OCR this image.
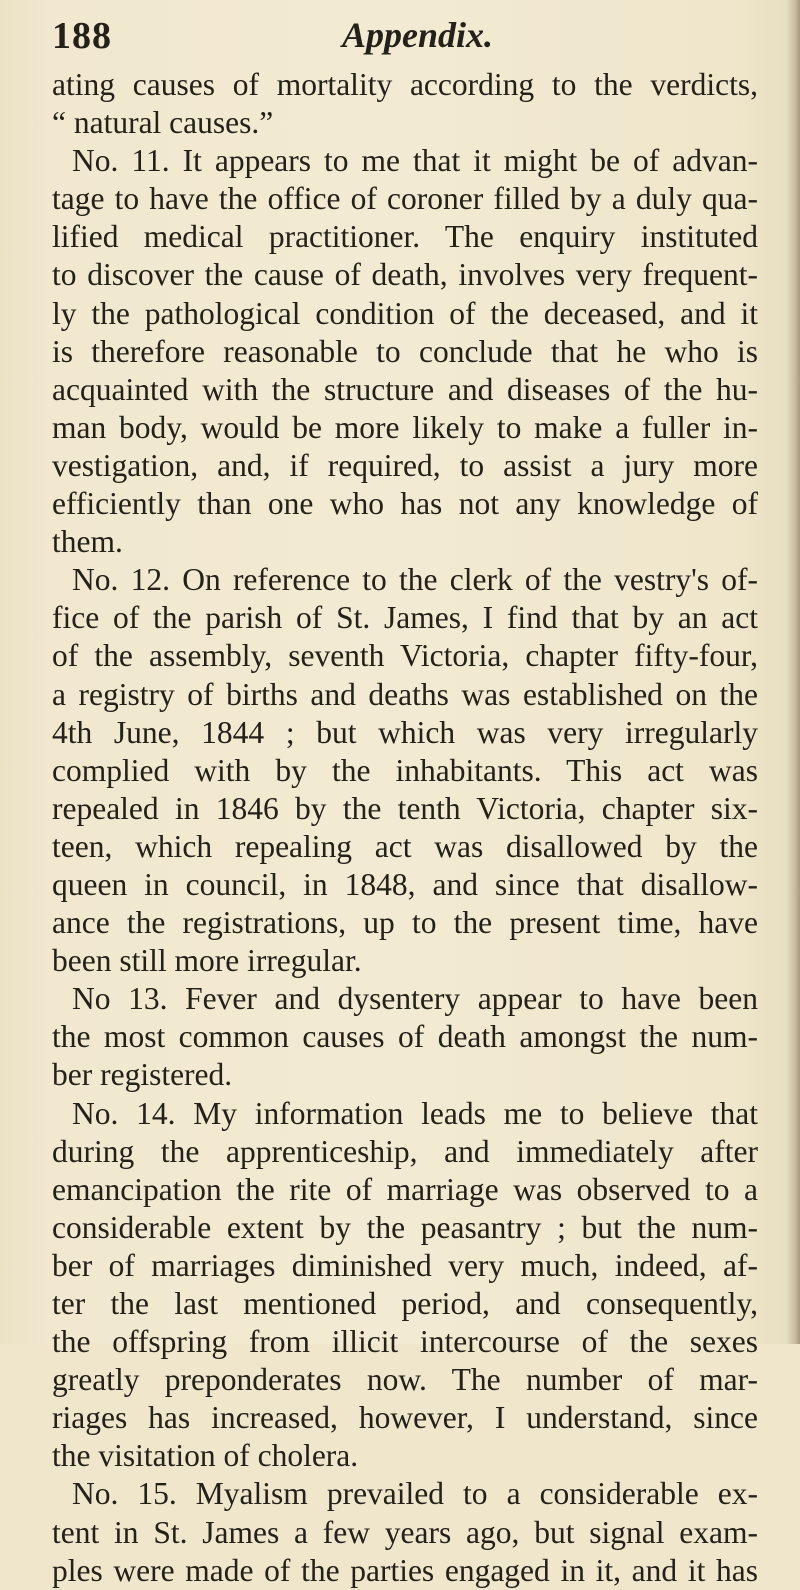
188	Appendix.
ating causes of mortality according to the verdicts,
“ natural causes.”
No. 11. It appears to me that it might be of advan-
tage to have the office of coroner filled by a duly qua-
lified medical practitioner. The enquiry instituted
to discover the cause of death, involves very frequent-
ly the pathological condition of the deceased, and it
is therefore reasonable to conclude that he who is
acquainted with the structure and diseases of the hu-
man body, would be more likely to make a fuller in-
vestigation, and, if required, to assist a jury more
efficiently than one who has not any knowledge of
them.
No. 12. On reference to the clerk of the vestry's of-
fice of the parish of St. James, I find that by an act
of the assembly, seventh Victoria, chapter fifty-four,
a registry of births and deaths was established on the
4th June, 1844 ; but which was very irregularly
complied with by the inhabitants. This act was
repealed in 1846 by the tenth Victoria, chapter six-
teen, which repealing act was disallowed by the
queen in council, in 1848, and since that disallow-
ance the registrations, up to the present time, have
been still more irregular.
No 13. Fever and dysentery appear to have been
the most common causes of death amongst the num-
ber registered.
No. 14. My information leads me to believe that
during the apprenticeship, and immediately after
emancipation the rite of marriage was observed to a
considerable extent by the peasantry ; but the num-
ber of marriages diminished very much, indeed, af-
ter the last mentioned period, and consequently,
the offspring from illicit intercourse of the sexes
greatly preponderates now. The number of mar-
riages has increased, however, I understand, since
the visitation of cholera.
No. 15. Myalism prevailed to a considerable ex-
tent in St. James a few years ago, but signal exam-
ples were made of the parties engaged in it, and it has
